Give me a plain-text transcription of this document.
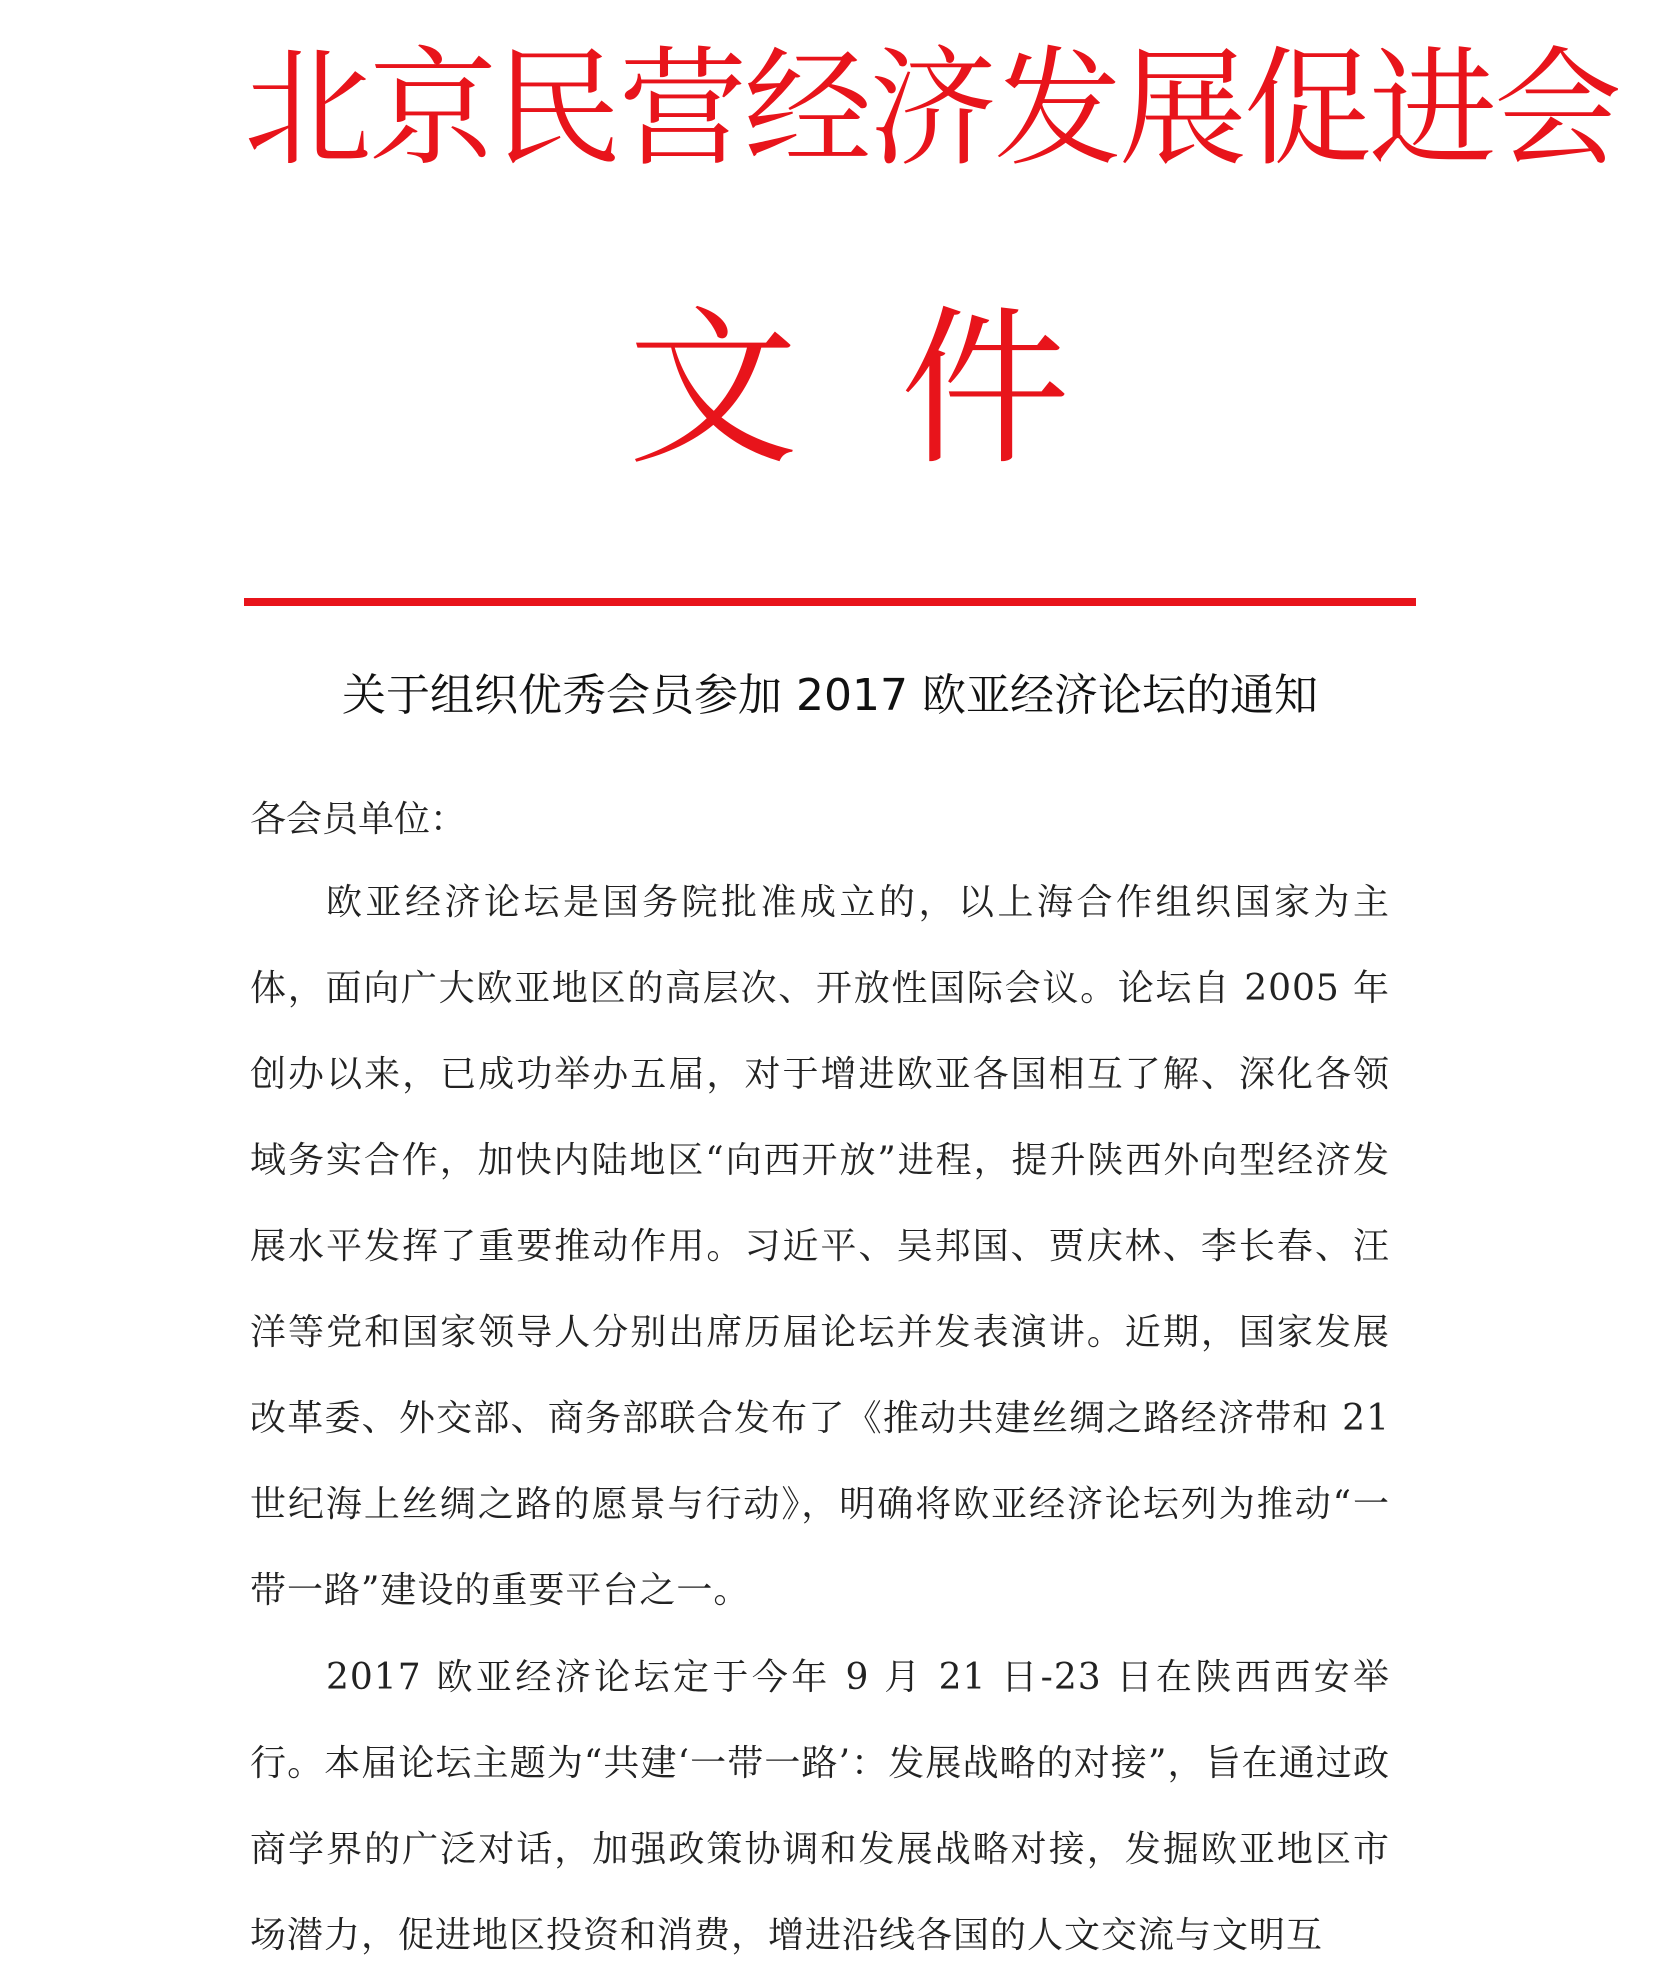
北京民营经济发展促进会
文 件
关于组织优秀会员参加 2017 欧亚经济论坛的通知
各会员单位：
欧亚经济论坛是国务院批准成立的，以上海合作组织国家为主体，面向广大欧亚地区的高层次、开放性国际会议。论坛自 2005 年创办以来，已成功举办五届，对于增进欧亚各国相互了解、深化各领域务实合作，加快内陆地区“向西开放”进程，提升陕西外向型经济发展水平发挥了重要推动作用。习近平、吴邦国、贾庆林、李长春、汪洋等党和国家领导人分别出席历届论坛并发表演讲。近期，国家发展改革委、外交部、商务部联合发布了《推动共建丝绸之路经济带和 21 世纪海上丝绸之路的愿景与行动》，明确将欧亚经济论坛列为推动“一带一路”建设的重要平台之一。
2017 欧亚经济论坛定于今年 9 月 21 日-23 日在陕西西安举行。本届论坛主题为“共建‘一带一路’：发展战略的对接”，旨在通过政商学界的广泛对话，加强政策协调和发展战略对接，发掘欧亚地区市场潜力，促进地区投资和消费，增进沿线各国的人文交流与文明互
